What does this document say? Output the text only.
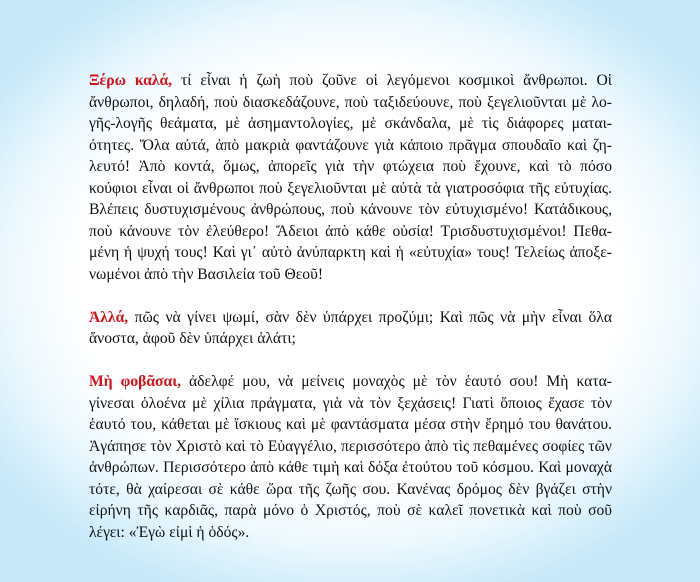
Ξέρω καλά, τί εἶναι ἡ ζωὴ ποὺ ζοῦνε οἱ λεγόμενοι κοσμικοὶ ἄνθρωποι. Οἱ
ἄνθρωποι, δηλαδή, ποὺ διασκεδάζουνε, ποὺ ταξιδεύουνε, ποὺ ξεγελιοῦνται μὲ λο-
γῆς-λογῆς θεάματα, μὲ ἀσημαντολογίες, μὲ σκάνδαλα, μὲ τὶς διάφορες μαται-
ότητες. Ὅλα αὐτά, ἀπὸ μακριὰ φαντάζουνε γιὰ κάποιο πρᾶγμα σπουδαῖο καὶ ζη-
λευτό! Ἀπὸ κοντά, ὅμως, ἀπορεῖς γιὰ τὴν φτώχεια ποὺ ἔχουνε, καὶ τὸ πόσο
κούφιοι εἶναι οἱ ἄνθρωποι ποὺ ξεγελιοῦνται μὲ αὐτὰ τὰ γιατροσόφια τῆς εὐτυχίας.
Βλέπεις δυστυχισμένους ἀνθρώπους, ποὺ κάνουνε τὸν εὐτυχισμένο! Κατάδικους,
ποὺ κάνουνε τὸν ἐλεύθερο! Ἄδειοι ἀπὸ κάθε οὐσία! Τρισδυστυχισμένοι! Πεθα-
μένη ἡ ψυχή τους! Καὶ γι᾿ αὐτὸ ἀνύπαρκτη καὶ ἡ «εὐτυχία» τους! Τελείως ἀποξε-
νωμένοι ἀπὸ τὴν Βασιλεία τοῦ Θεοῦ!
Ἀλλά, πῶς νὰ γίνει ψωμί, σὰν δὲν ὑπάρχει προζύμι; Καὶ πῶς νὰ μὴν εἶναι ὅλα
ἄνοστα, ἀφοῦ δὲν ὑπάρχει ἁλάτι;
Μὴ φοβᾶσαι, ἀδελφέ μου, νὰ μείνεις μοναχὸς μὲ τὸν ἑαυτό σου! Μὴ κατα-
γίνεσαι ὁλοένα μὲ χίλια πράγματα, γιὰ νὰ τὸν ξεχάσεις! Γιατὶ ὅποιος ἔχασε τὸν
ἑαυτό του, κάθεται μὲ ἴσκιους καὶ μὲ φαντάσματα μέσα στὴν ἔρημό του θανάτου.
Ἀγάπησε τὸν Χριστὸ καὶ τὸ Εὐαγγέλιο, περισσότερο ἀπὸ τὶς πεθαμένες σοφίες τῶν
ἀνθρώπων. Περισσότερο ἀπὸ κάθε τιμὴ καὶ δόξα ἐτούτου τοῦ κόσμου. Καὶ μοναχὰ
τότε, θὰ χαίρεσαι σὲ κάθε ὥρα τῆς ζωῆς σου. Κανένας δρόμος δὲν βγάζει στὴν
εἰρήνη τῆς καρδιᾶς, παρὰ μόνο ὁ Χριστός, ποὺ σὲ καλεῖ πονετικὰ καὶ ποὺ σοῦ
λέγει: «Ἐγὼ εἰμὶ ἡ ὁδός».
